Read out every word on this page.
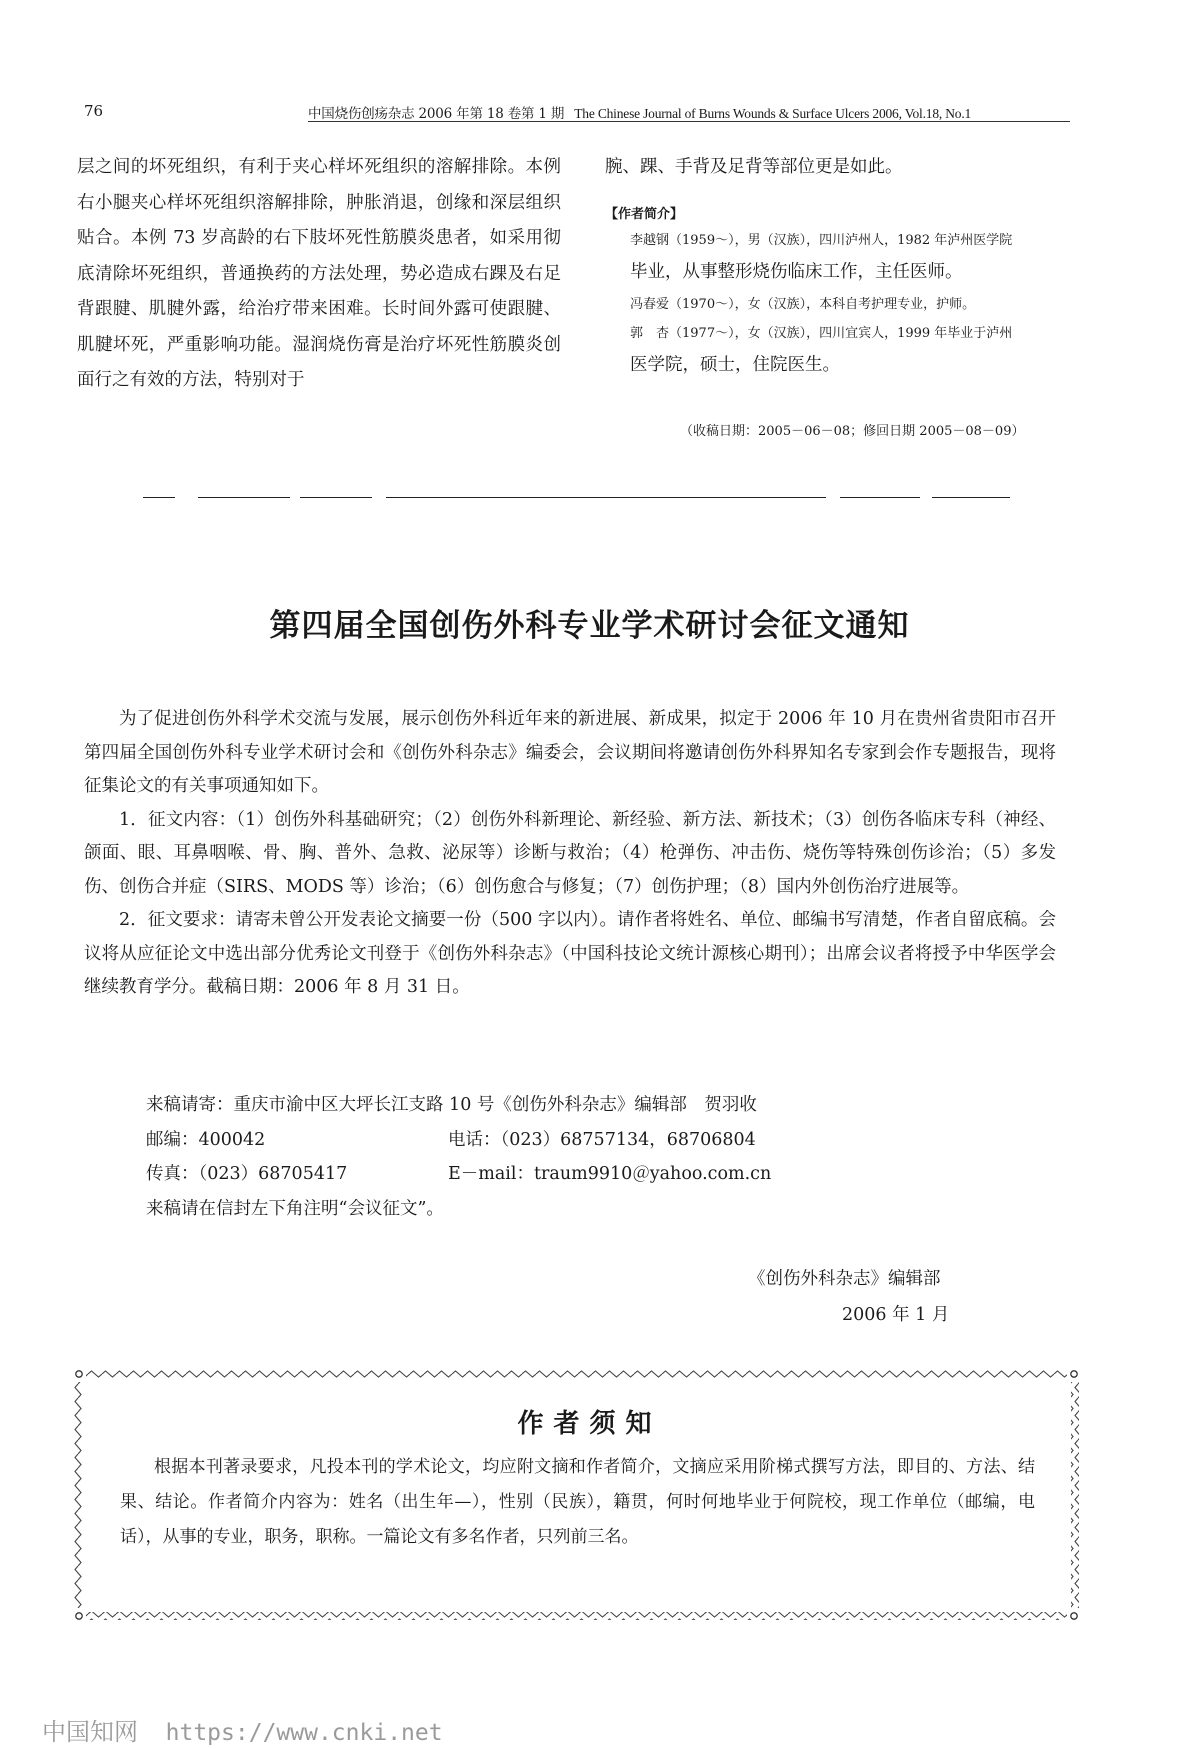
76	中国烧伤创疡杂志 2006 年第 18 卷第 1 期 The Chinese Journal of Burns Wounds & Surface Ulcers 2006, Vol.18, No.1

层之间的坏死组织，有利于夹心样坏死组织的溶解排除。本例右小腿夹心样坏死组织溶解排除，肿胀消退，创缘和深层组织贴合。本例 73 岁高龄的右下肢坏死性筋膜炎患者，如采用彻底清除坏死组织，普通换药的方法处理，势必造成右踝及右足背跟腱、肌腱外露，给治疗带来困难。长时间外露可使跟腱、肌腱坏死，严重影响功能。湿润烧伤膏是治疗坏死性筋膜炎创面行之有效的方法，特别对于

腕、踝、手背及足背等部位更是如此。

【作者简介】
李越钢（1959～），男（汉族），四川泸州人，1982 年泸州医学院
毕业，从事整形烧伤临床工作，主任医师。
冯春爱（1970～），女（汉族），本科自考护理专业，护师。
郭　杏（1977～），女（汉族），四川宜宾人，1999 年毕业于泸州
医学院，硕士，住院医生。
（收稿日期：2005－06－08；修回日期 2005－08－09）
第四届全国创伤外科专业学术研讨会征文通知

为了促进创伤外科学术交流与发展，展示创伤外科近年来的新进展、新成果，拟定于 2006 年 10 月在贵州省贵阳市召开第四届全国创伤外科专业学术研讨会和《创伤外科杂志》编委会，会议期间将邀请创伤外科界知名专家到会作专题报告，现将征集论文的有关事项通知如下。

1．征文内容：（1）创伤外科基础研究；（2）创伤外科新理论、新经验、新方法、新技术；（3）创伤各临床专科（神经、颌面、眼、耳鼻咽喉、骨、胸、普外、急救、泌尿等）诊断与救治；（4）枪弹伤、冲击伤、烧伤等特殊创伤诊治；（5）多发伤、创伤合并症（SIRS、MODS 等）诊治；（6）创伤愈合与修复；（7）创伤护理；（8）国内外创伤治疗进展等。

2．征文要求：请寄未曾公开发表论文摘要一份（500 字以内）。请作者将姓名、单位、邮编书写清楚，作者自留底稿。会议将从应征论文中选出部分优秀论文刊登于《创伤外科杂志》（中国科技论文统计源核心期刊）；出席会议者将授予中华医学会继续教育学分。截稿日期：2006 年 8 月 31 日。

来稿请寄：重庆市渝中区大坪长江支路 10 号《创伤外科杂志》编辑部　贺羽收
邮编：400042	电话：（023）68757134，68706804
传真：（023）68705417	E－mail：traum9910＠yahoo.com.cn
来稿请在信封左下角注明“会议征文”。
《创伤外科杂志》编辑部
2006 年 1 月
作者须知

根据本刊著录要求，凡投本刊的学术论文，均应附文摘和作者简介，文摘应采用阶梯式撰写方法，即目的、方法、结果、结论。作者简介内容为：姓名（出生年—），性别（民族），籍贯，何时何地毕业于何院校，现工作单位（邮编，电话），从事的专业，职务，职称。一篇论文有多名作者，只列前三名。

中国知网 https://www.cnki.net
